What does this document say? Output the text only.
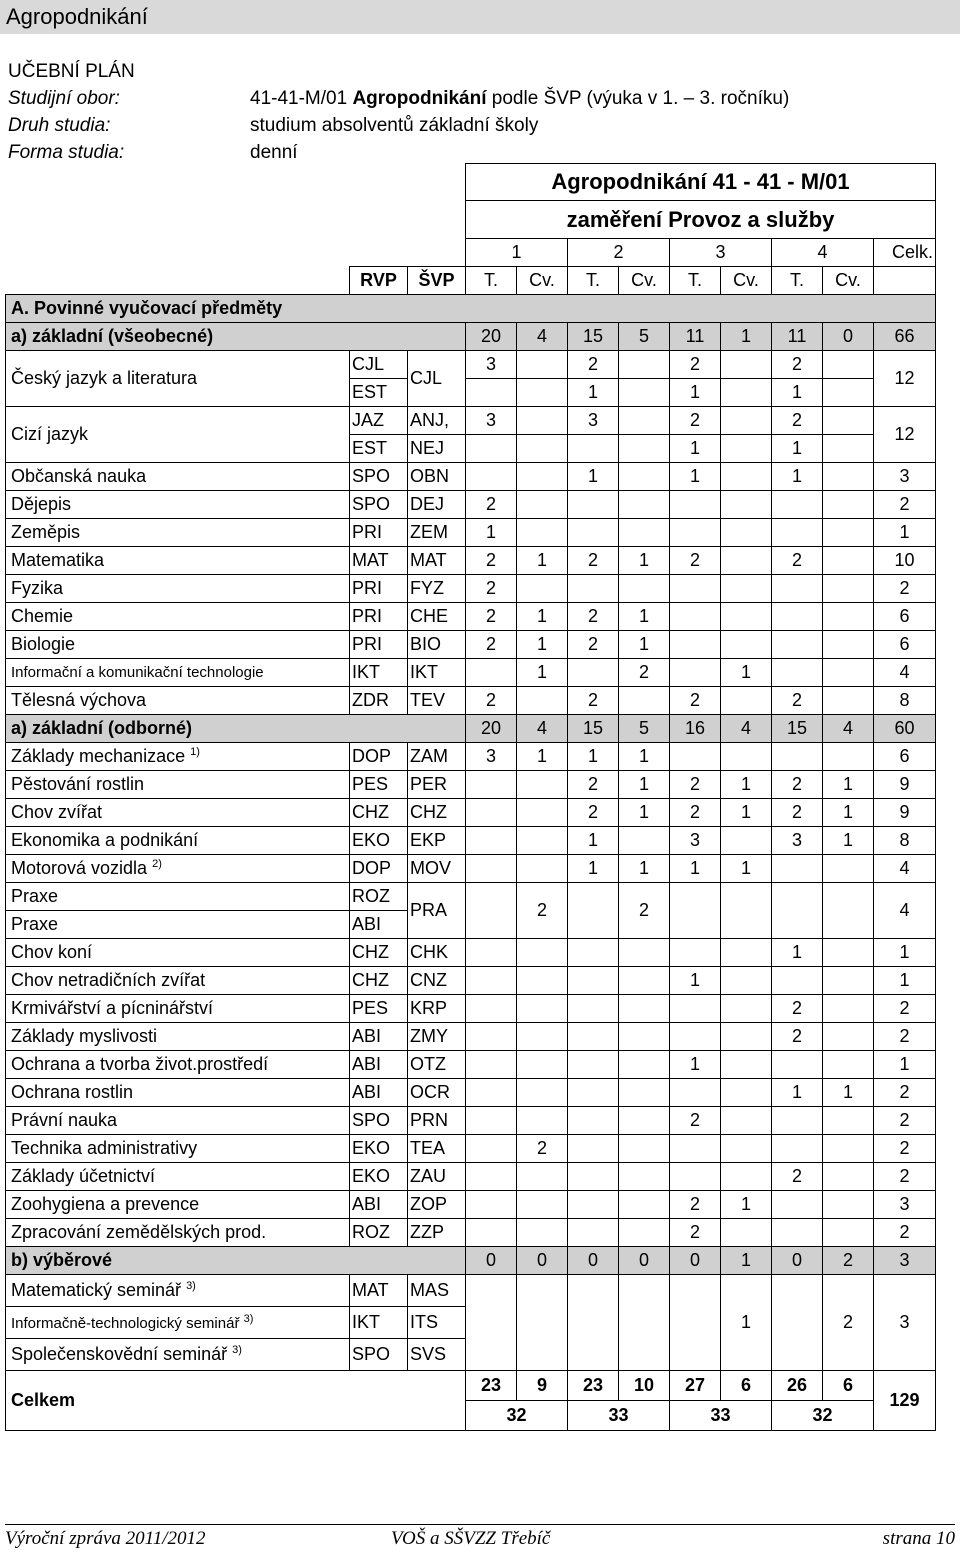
Agropodnikání
UČEBNÍ PLÁN
Studijní obor:	41-41-M/01 Agropodnikání podle ŠVP (výuka v 1. – 3. ročníku)
Druh studia:	studium absolventů základní školy
Forma studia:	denní
			Agropodnikání 41 - 41 - M/01								
			zaměření Provoz a služby								
			1		2		3		4		Celk.
	RVP	ŠVP	T.	Cv.	T.	Cv.	T.	Cv.	T.	Cv.	
A. Povinné vyučovací předměty											
a) základní (všeobecné)			20	4	15	5	11	1	11	0	66
Český jazyk a literatura	CJL	CJL	3		2		2		2		12
	EST				1		1		1		
Cizí jazyk	JAZ	ANJ,	3		3		2		2		12
	EST	NEJ					1		1		
Občanská nauka	SPO	OBN			1		1		1		3
Dějepis	SPO	DEJ	2								2
Zeměpis	PRI	ZEM	1								1
Matematika	MAT	MAT	2	1	2	1	2		2		10
Fyzika	PRI	FYZ	2								2
Chemie	PRI	CHE	2	1	2	1					6
Biologie	PRI	BIO	2	1	2	1					6
Informační a komunikační technologie	IKT	IKT		1		2		1			4
Tělesná výchova	ZDR	TEV	2		2		2		2		8
a) základní (odborné)			20	4	15	5	16	4	15	4	60
Základy mechanizace $^{1)}$	DOP	ZAM	3	1	1	1					6
Pěstování rostlin	PES	PER			2	1	2	1	2	1	9
Chov zvířat	CHZ	CHZ			2	1	2	1	2	1	9
Ekonomika a podnikání	EKO	EKP			1		3		3	1	8
Motorová vozidla $^{2)}$	DOP	MOV			1	1	1	1			4
Praxe	ROZ	PRA		2		2					4
Praxe	ABI										
Chov koní	CHZ	CHK							1		1
Chov netradičních zvířat	CHZ	CNZ					1				1
Krmivářství a pícninářství	PES	KRP							2		2
Základy myslivosti	ABI	ZMY							2		2
Ochrana a tvorba život.prostředí	ABI	OTZ					1				1
Ochrana rostlin	ABI	OCR							1	1	2
Právní nauka	SPO	PRN					2				2
Technika administrativy	EKO	TEA		2							2
Základy účetnictví	EKO	ZAU							2		2
Zoohygiena a prevence	ABI	ZOP					2	1			3
Zpracování zemědělských prod.	ROZ	ZZP					2				2
b) výběrové			0	0	0	0	0	1	0	2	3
Matematický seminář $^{3)}$	MAT	MAS						1		2	3
Informačně-technologický seminář $^{3)}$	IKT	ITS									
Společenskovědní seminář $^{3)}$	SPO	SVS									
Celkem			23	9	23	10	27	6	26	6	129
			32		33		33		32		
Výroční zpráva 2011/2012	VOŠ a SŠVZZ Třebíč	strana 10
